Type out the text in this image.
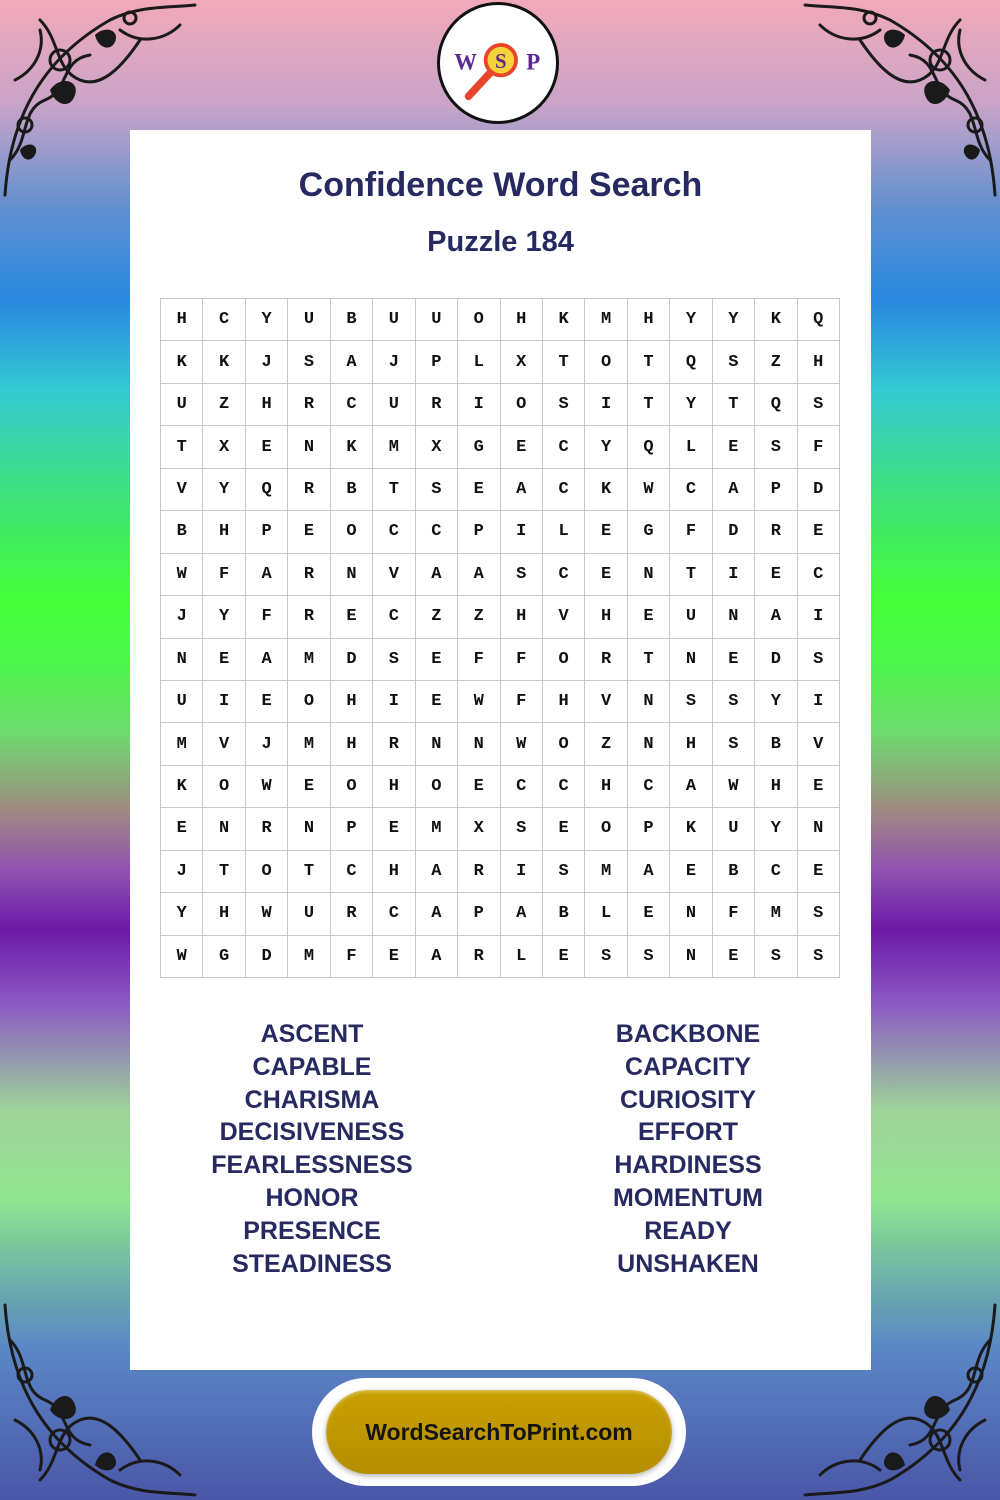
W S P
Confidence Word Search
Puzzle 184
H	C	Y	U	B	U	U	O	H	K	M	H	Y	Y	K	Q
K	K	J	S	A	J	P	L	X	T	O	T	Q	S	Z	H
U	Z	H	R	C	U	R	I	O	S	I	T	Y	T	Q	S
T	X	E	N	K	M	X	G	E	C	Y	Q	L	E	S	F
V	Y	Q	R	B	T	S	E	A	C	K	W	C	A	P	D
B	H	P	E	O	C	C	P	I	L	E	G	F	D	R	E
W	F	A	R	N	V	A	A	S	C	E	N	T	I	E	C
J	Y	F	R	E	C	Z	Z	H	V	H	E	U	N	A	I
N	E	A	M	D	S	E	F	F	O	R	T	N	E	D	S
U	I	E	O	H	I	E	W	F	H	V	N	S	S	Y	I
M	V	J	M	H	R	N	N	W	O	Z	N	H	S	B	V
K	O	W	E	O	H	O	E	C	C	H	C	A	W	H	E
E	N	R	N	P	E	M	X	S	E	O	P	K	U	Y	N
J	T	O	T	C	H	A	R	I	S	M	A	E	B	C	E
Y	H	W	U	R	C	A	P	A	B	L	E	N	F	M	S
W	G	D	M	F	E	A	R	L	E	S	S	N	E	S	S
ASCENT
CAPABLE
CHARISMA
DECISIVENESS
FEARLESSNESS
HONOR
PRESENCE
STEADINESS
BACKBONE
CAPACITY
CURIOSITY
EFFORT
HARDINESS
MOMENTUM
READY
UNSHAKEN
WordSearchToPrint.com
